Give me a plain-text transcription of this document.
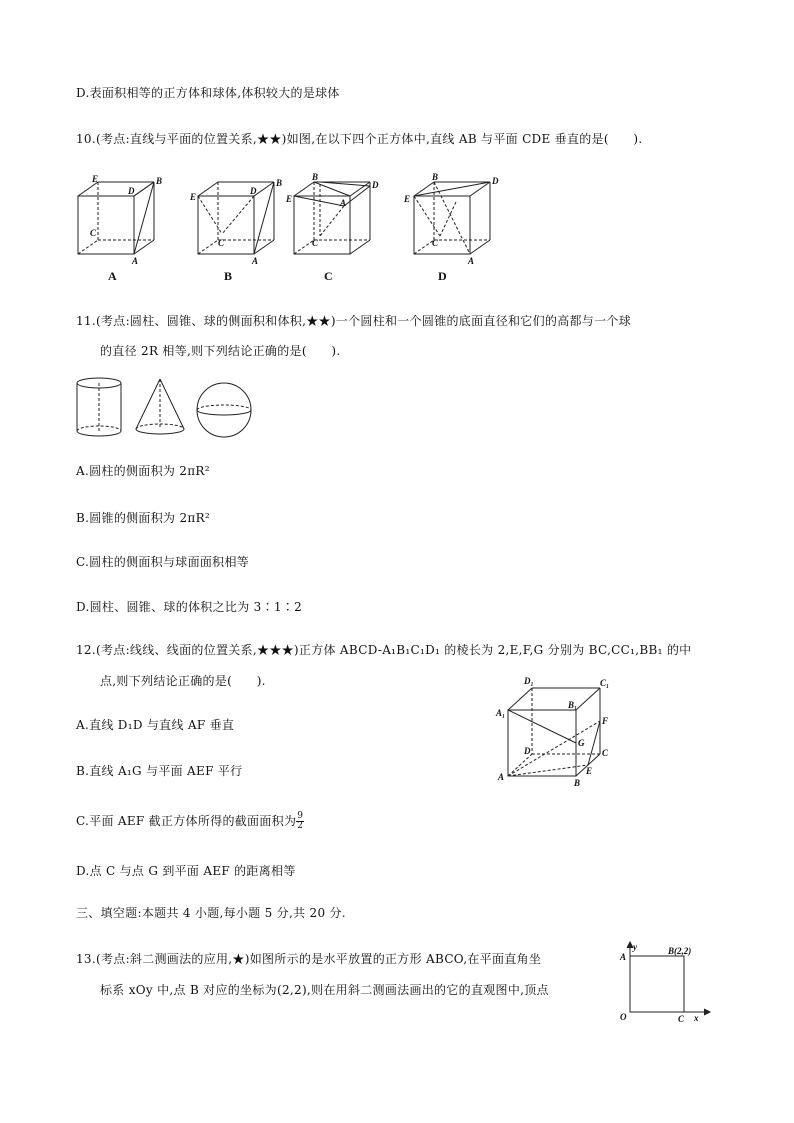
D.表面积相等的正方体和球体,体积较大的是球体
10.(考点:直线与平面的位置关系,★★)如图,在以下四个正方体中,直线 AB 与平面 CDE 垂直的是(　　).
E
D
B
C
A
A
E
D
B
C
A
B
B
D
E	A
C
C
B	D
E
C
A
D
11.(考点:圆柱、圆锥、球的侧面积和体积,★★)一个圆柱和一个圆锥的底面直径和它们的高都与一个球
的直径 2R 相等,则下列结论正确的是(　　).
A.圆柱的侧面积为 2πR²
B.圆锥的侧面积为 2πR²
C.圆柱的侧面积与球面面积相等
D.圆柱、圆锥、球的体积之比为 3∶1∶2
12.(考点:线线、线面的位置关系,★★★)正方体 ABCD-A₁B₁C₁D₁ 的棱长为 2,E,F,G 分别为 BC,CC₁,BB₁ 的中
点,则下列结论正确的是(　　).	D₁	C₁
A₁
B₁
F
G
D	C
A
E
B
A.直线 D₁D 与直线 AF 垂直
B.直线 A₁G 与平面 AEF 平行
C.平面 AEF 截正方体所得的截面面积为 $\frac{9}{2}$
D.点 C 与点 G 到平面 AEF 的距离相等
三、填空题:本题共 4 小题,每小题 5 分,共 20 分.
13.(考点:斜二测画法的应用,★)如图所示的是水平放置的正方形 ABCO,在平面直角坐
标系 xOy 中,点 B 对应的坐标为(2,2),则在用斜二测画法画出的它的直观图中,顶点
y	B(2,2)
A
O	C x
